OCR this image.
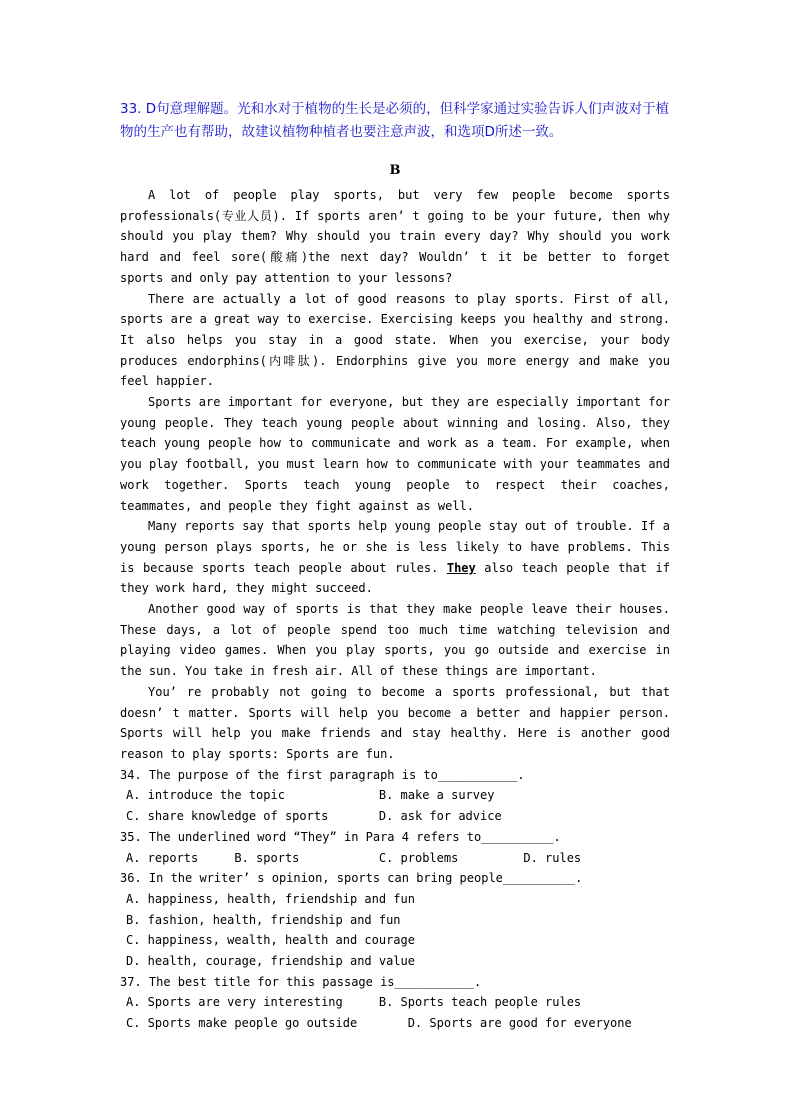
33. D句意理解题。光和水对于植物的生长是必须的，但科学家通过实验告诉人们声波对于植物的生产也有帮助，故建议植物种植者也要注意声波，和选项D所述一致。
B

A lot of people play sports, but very few people become sports professionals(专业人员). If sports aren’ t going to be your future, then why should you play them? Why should you train every day? Why should you work hard and feel sore(酸痛)the next day? Wouldn’ t it be better to forget sports and only pay attention to your lessons?

There are actually a lot of good reasons to play sports. First of all, sports are a great way to exercise. Exercising keeps you healthy and strong. It also helps you stay in a good state. When you exercise, your body produces endorphins(内啡肽). Endorphins give you more energy and make you feel happier.

Sports are important for everyone, but they are especially important for young people. They teach young people about winning and losing. Also, they teach young people how to communicate and work as a team. For example, when you play football, you must learn how to communicate with your teammates and work together. Sports teach young people to respect their coaches, teammates, and people they fight against as well.

Many reports say that sports help young people stay out of trouble. If a young person plays sports, he or she is less likely to have problems. This is because sports teach people about rules. They also teach people that if they work hard, they might succeed.

Another good way of sports is that they make people leave their houses. These days, a lot of people spend too much time watching television and playing video games. When you play sports, you go outside and exercise in the sun. You take in fresh air. All of these things are important.

You’ re probably not going to become a sports professional, but that doesn’ t matter. Sports will help you become a better and happier person. Sports will help you make friends and stay healthy. Here is another good reason to play sports: Sports are fun.

34. The purpose of the first paragraph is to___________.

A. introduce the topic             B. make a survey

C. share knowledge of sports       D. ask for advice

35. The underlined word “They” in Para 4 refers to__________.

A. reports     B. sports           C. problems         D. rules

36. In the writer’ s opinion, sports can bring people__________.

A. happiness, health, friendship and fun

B. fashion, health, friendship and fun

C. happiness, wealth, health and courage

D. health, courage, friendship and value

37. The best title for this passage is___________.

A. Sports are very interesting     B. Sports teach people rules

C. Sports make people go outside       D. Sports are good for everyone
